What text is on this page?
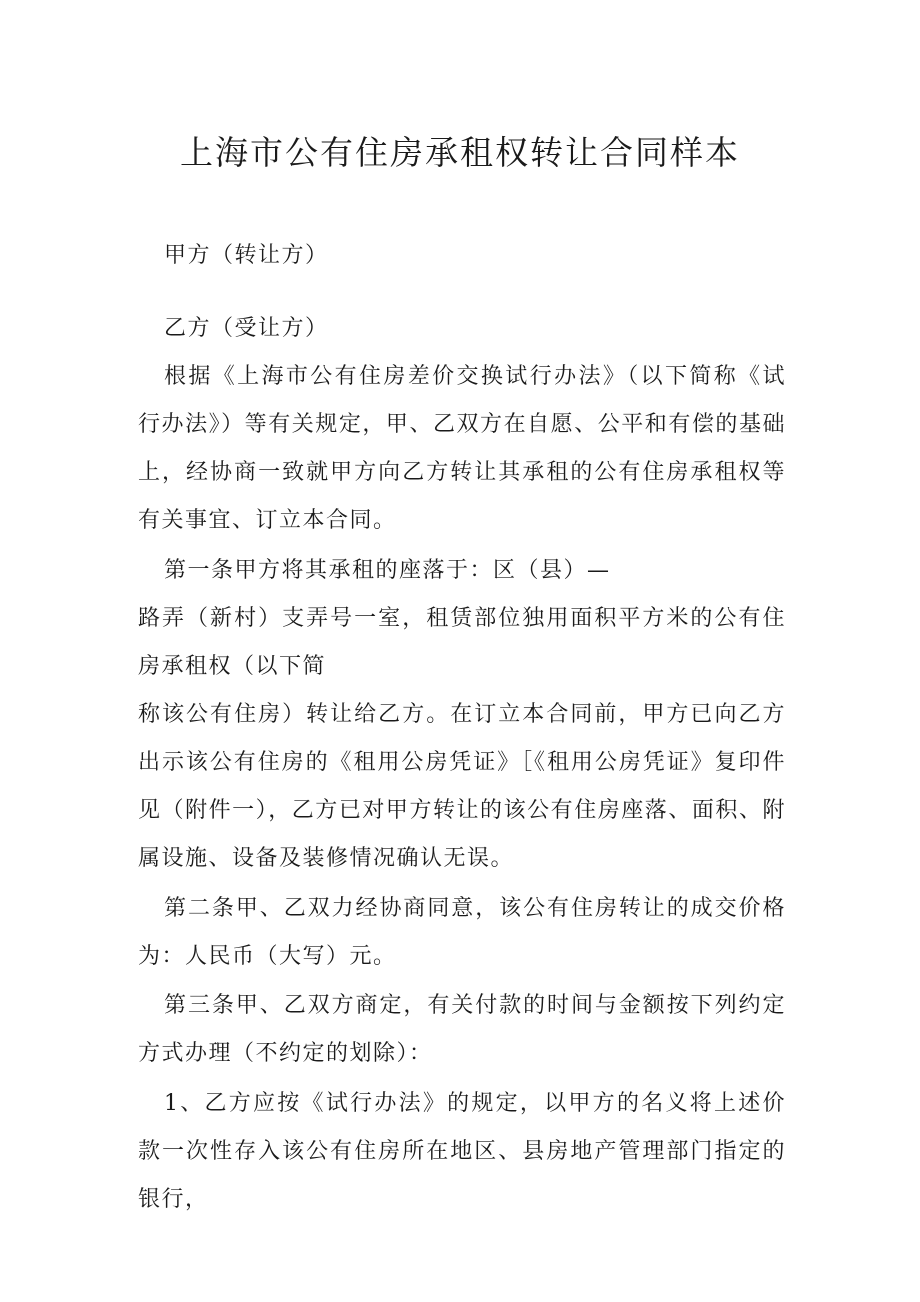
上海市公有住房承租权转让合同样本
甲方（转让方）
乙方（受让方）

根据《上海市公有住房差价交换试行办法》（以下简称《试行办法》）等有关规定，甲、乙双方在自愿、公平和有偿的基础上，经协商一致就甲方向乙方转让其承租的公有住房承租权等有关事宜、订立本合同。

第一条甲方将其承租的座落于：区（县）—

路弄（新村）支弄号一室，租赁部位独用面积平方米的公有住房承租权（以下简

称该公有住房）转让给乙方。在订立本合同前，甲方已向乙方出示该公有住房的《租用公房凭证》［《租用公房凭证》复印件见（附件一），乙方已对甲方转让的该公有住房座落、面积、附属设施、设备及装修情况确认无误。

第二条甲、乙双力经协商同意，该公有住房转让的成交价格为：人民币（大写）元。

第三条甲、乙双方商定，有关付款的时间与金额按下列约定方式办理（不约定的划除）：

1、乙方应按《试行办法》的规定，以甲方的名义将上述价款一次性存入该公有住房所在地区、县房地产管理部门指定的银行，
